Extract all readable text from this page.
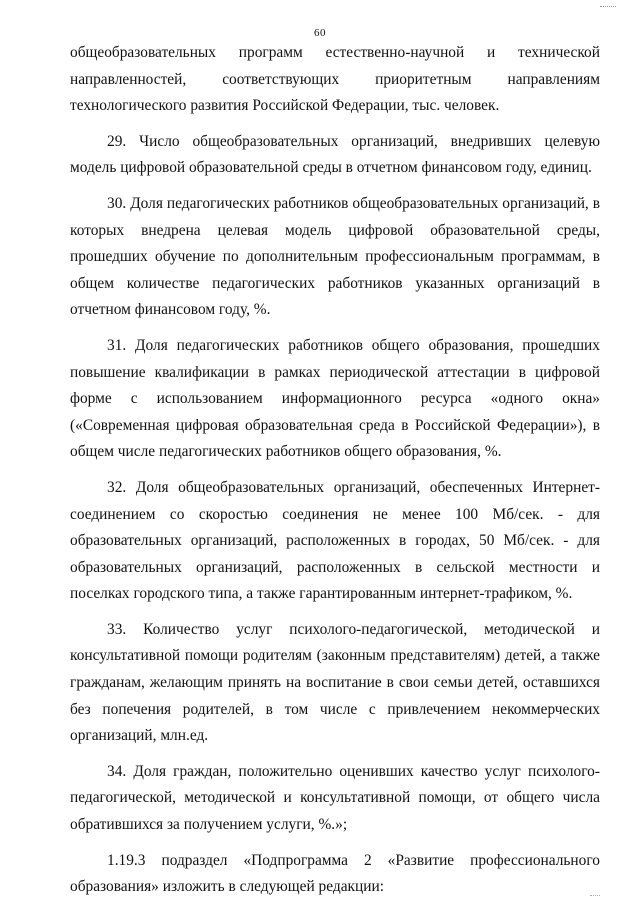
60

общеобразовательных программ естественно-научной и технической направленностей, соответствующих приоритетным направлениям технологического развития Российской Федерации, тыс. человек.

29. Число общеобразовательных организаций, внедривших целевую модель цифровой образовательной среды в отчетном финансовом году, единиц.

30. Доля педагогических работников общеобразовательных организаций, в которых внедрена целевая модель цифровой образовательной среды, прошедших обучение по дополнительным профессиональным программам, в общем количестве педагогических работников указанных организаций в отчетном финансовом году, %.

31. Доля педагогических работников общего образования, прошедших повышение квалификации в рамках периодической аттестации в цифровой форме с использованием информационного ресурса «одного окна» («Современная цифровая образовательная среда в Российской Федерации»), в общем числе педагогических работников общего образования, %.

32. Доля общеобразовательных организаций, обеспеченных Интернет-соединением со скоростью соединения не менее 100 Мб/сек. - для образовательных организаций, расположенных в городах, 50 Мб/сек. - для образовательных организаций, расположенных в сельской местности и поселках городского типа, а также гарантированным интернет-трафиком, %.

33. Количество услуг психолого-педагогической, методической и консультативной помощи родителям (законным представителям) детей, а также гражданам, желающим принять на воспитание в свои семьи детей, оставшихся без попечения родителей, в том числе с привлечением некоммерческих организаций, млн.ед.

34. Доля граждан, положительно оценивших качество услуг психолого-педагогической, методической и консультативной помощи, от общего числа обратившихся за получением услуги, %.»;

1.19.3 подраздел «Подпрограмма 2 «Развитие профессионального образования» изложить в следующей редакции:
